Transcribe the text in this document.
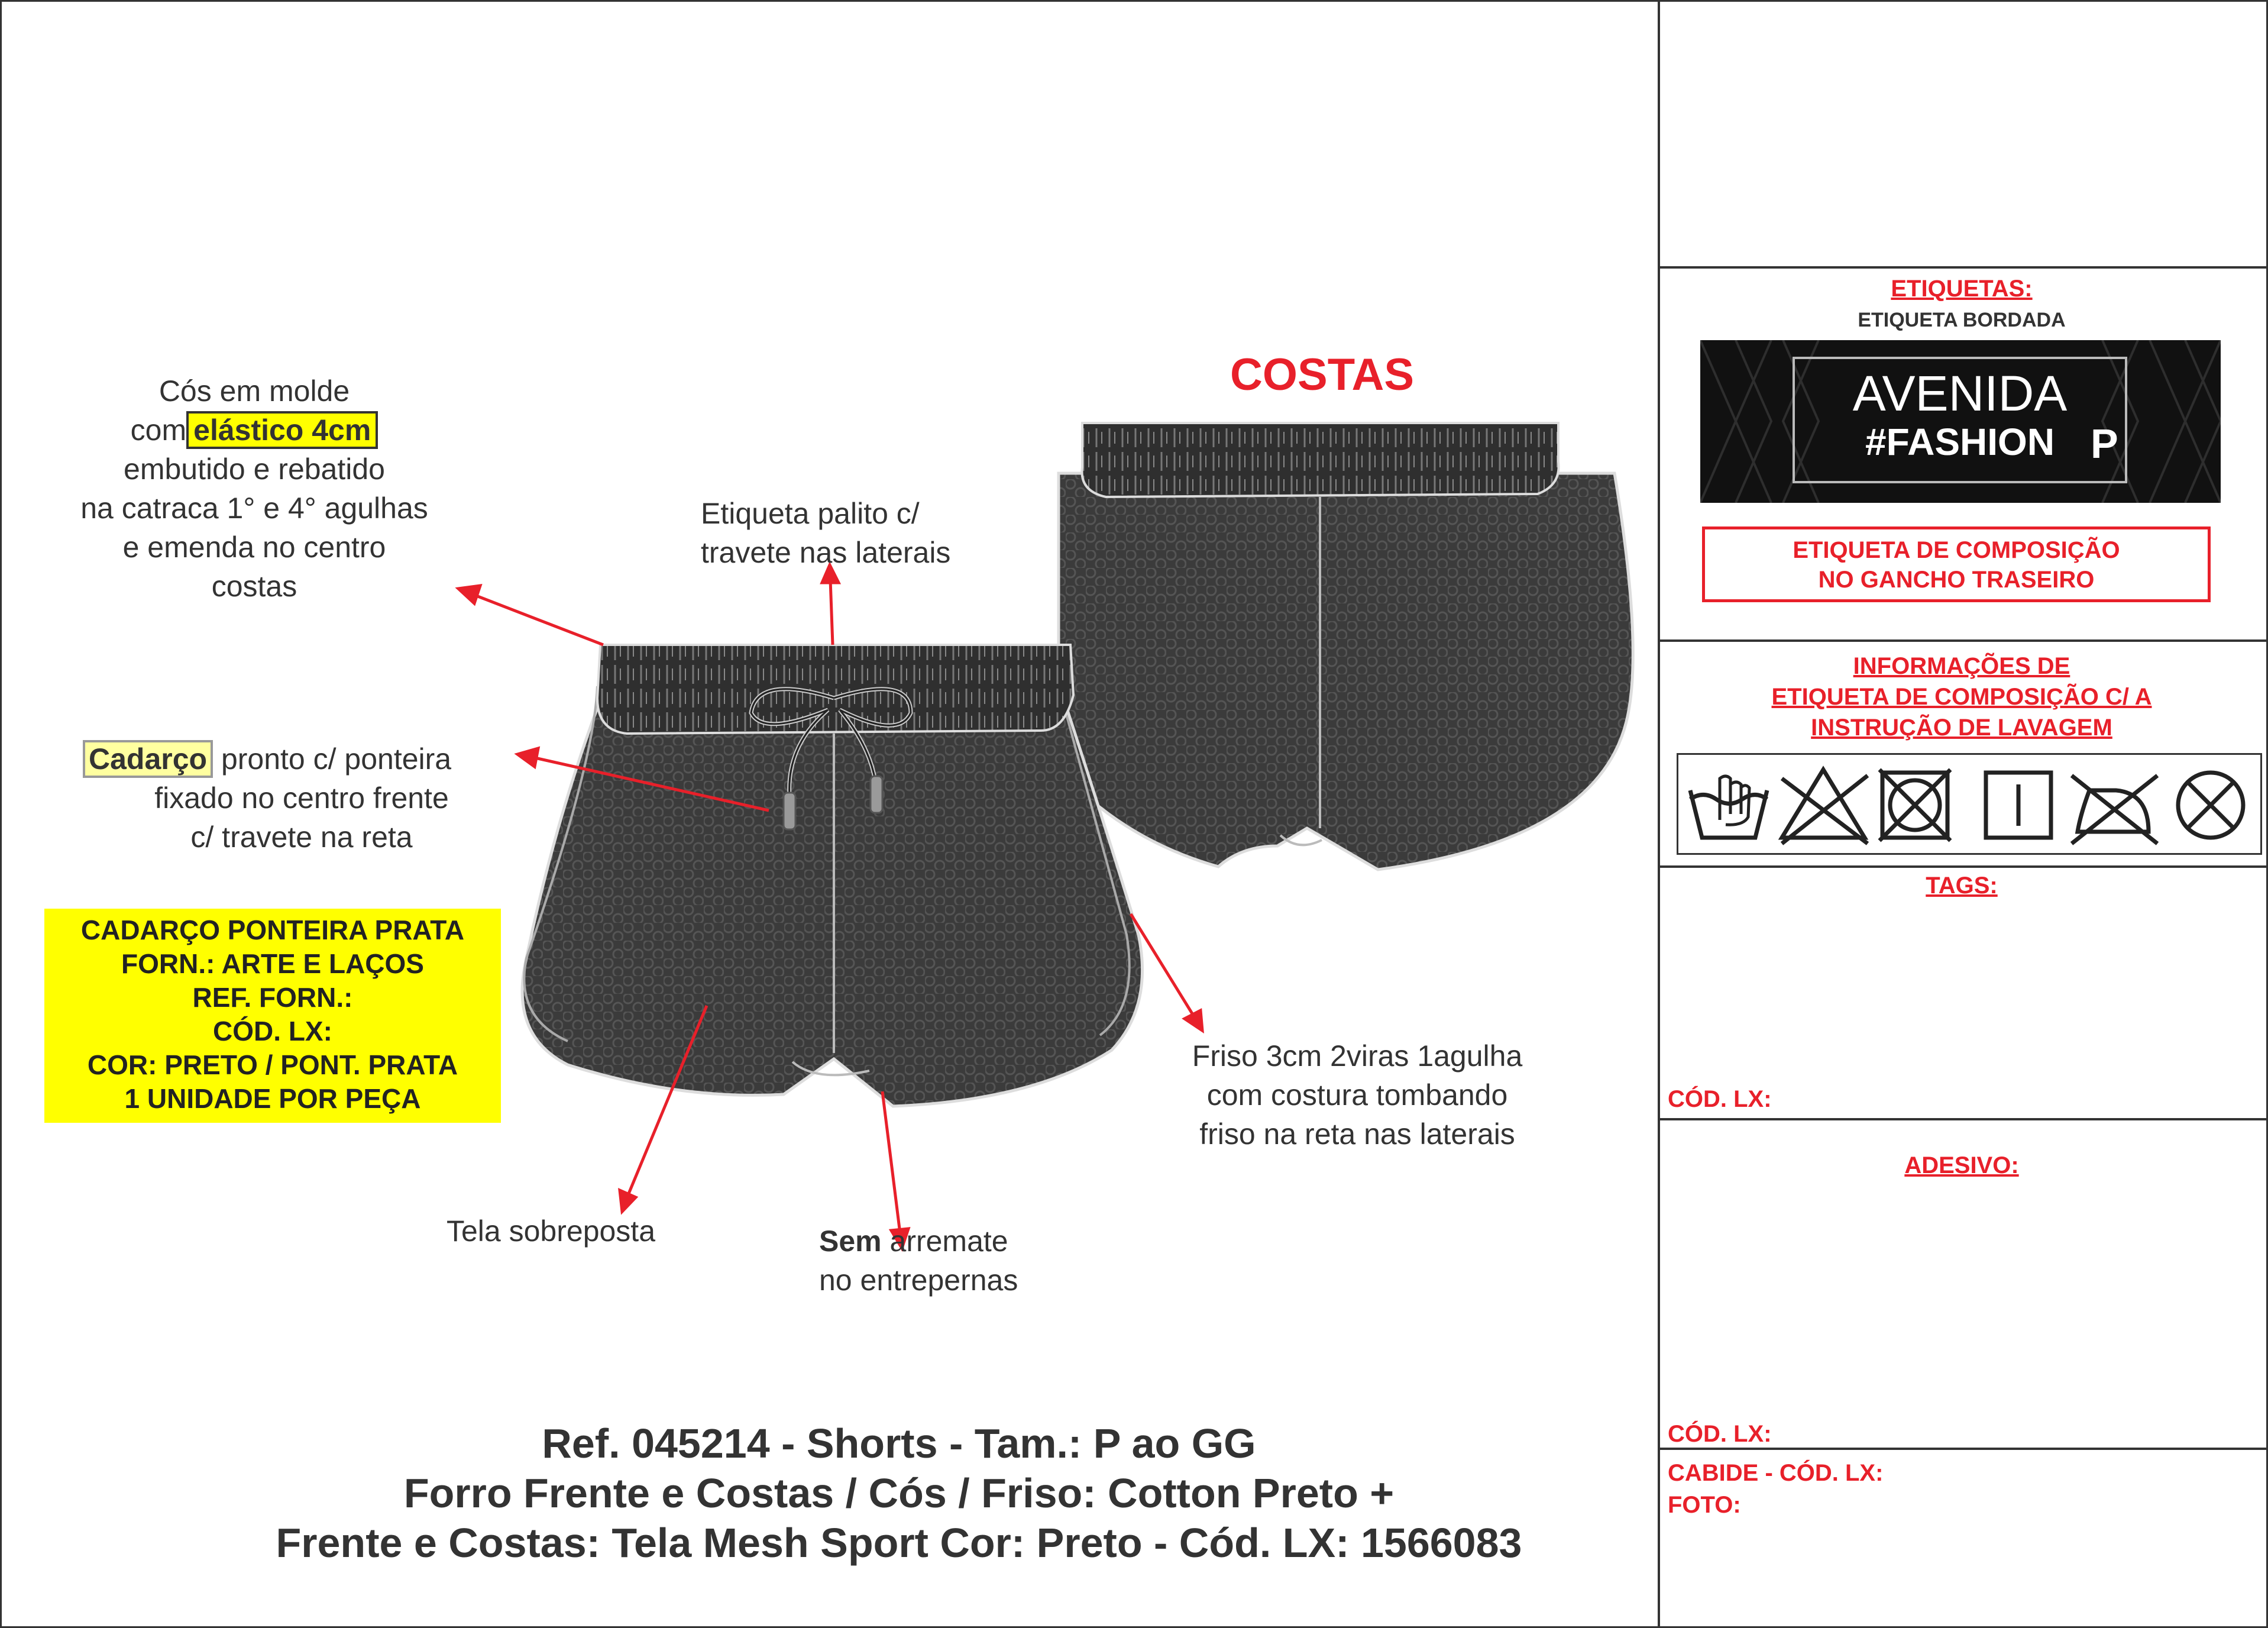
Cós em molde
com elástico 4cm
embutido e rebatido
na catraca 1° e 4° agulhas
e emenda no centro
costas
Etiqueta palito c/
travete nas laterais
Cadarço pronto c/ ponteira
fixado no centro frente
c/ travete na reta
CADARÇO PONTEIRA PRATA
FORN.: ARTE E LAÇOS
REF. FORN.:
CÓD. LX:
COR: PRETO / PONT. PRATA
1 UNIDADE POR PEÇA
Friso 3cm 2viras 1agulha
com costura tombando
friso na reta nas laterais
Tela sobreposta	Sem arremate
no entrepernas
COSTAS
Ref. 045214 - Shorts - Tam.: P ao GG
Forro Frente e Costas / Cós / Friso: Cotton Preto +
Frente e Costas: Tela Mesh Sport Cor: Preto - Cód. LX: 1566083
ETIQUETAS:
ETIQUETA BORDADA
AVENIDA
#FASHION P
ETIQUETA DE COMPOSIÇÃO
NO GANCHO TRASEIRO
INFORMAÇÕES DE
ETIQUETA DE COMPOSIÇÃO C/ A
INSTRUÇÃO DE LAVAGEM
TAGS:
CÓD. LX:
ADESIVO:
CÓD. LX:
CABIDE - CÓD. LX:
FOTO:
